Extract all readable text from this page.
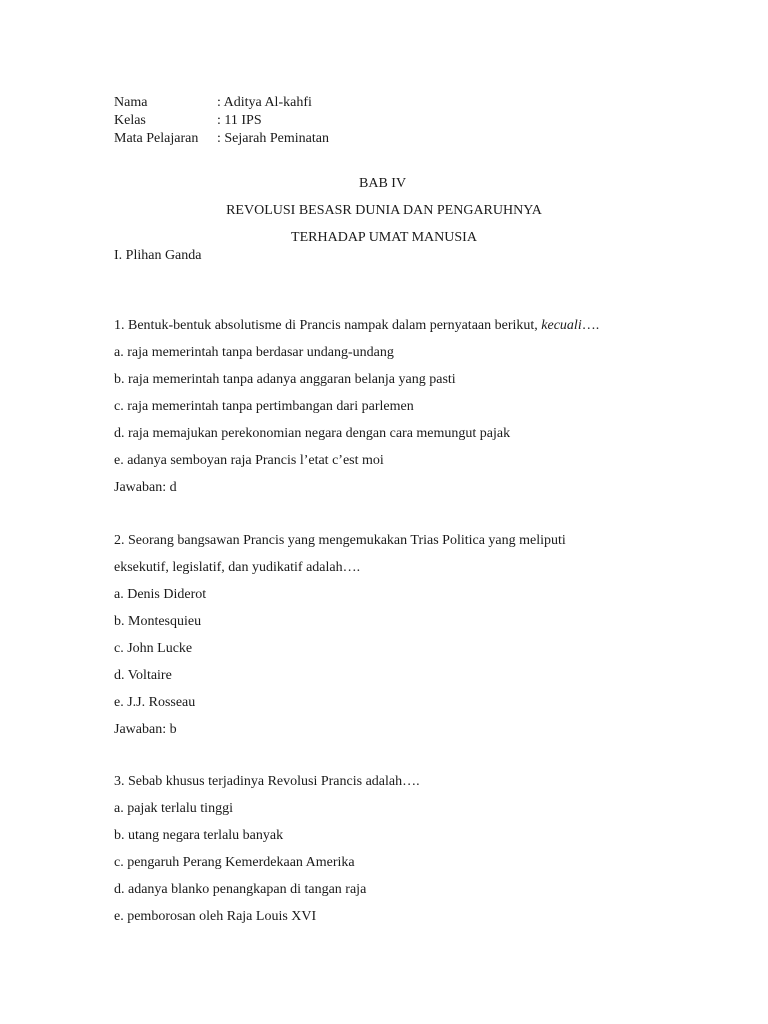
Nama	: Aditya Al-kahfi
Kelas	: 11 IPS
Mata Pelajaran : Sejarah Peminatan
BAB IV
REVOLUSI BESASR DUNIA DAN PENGARUHNYA
TERHADAP UMAT MANUSIA
I. Plihan Ganda
1. Bentuk-bentuk absolutisme di Prancis nampak dalam pernyataan berikut, kecuali….
a. raja memerintah tanpa berdasar undang-undang
b. raja memerintah tanpa adanya anggaran belanja yang pasti
c. raja memerintah tanpa pertimbangan dari parlemen
d. raja memajukan perekonomian negara dengan cara memungut pajak
e. adanya semboyan raja Prancis l’etat c’est moi
Jawaban: d
2. Seorang bangsawan Prancis yang mengemukakan Trias Politica yang meliputi
eksekutif, legislatif, dan yudikatif adalah….
a. Denis Diderot
b. Montesquieu
c. John Lucke
d. Voltaire
e. J.J. Rosseau
Jawaban: b
3. Sebab khusus terjadinya Revolusi Prancis adalah….
a. pajak terlalu tinggi
b. utang negara terlalu banyak
c. pengaruh Perang Kemerdekaan Amerika
d. adanya blanko penangkapan di tangan raja
e. pemborosan oleh Raja Louis XVI
